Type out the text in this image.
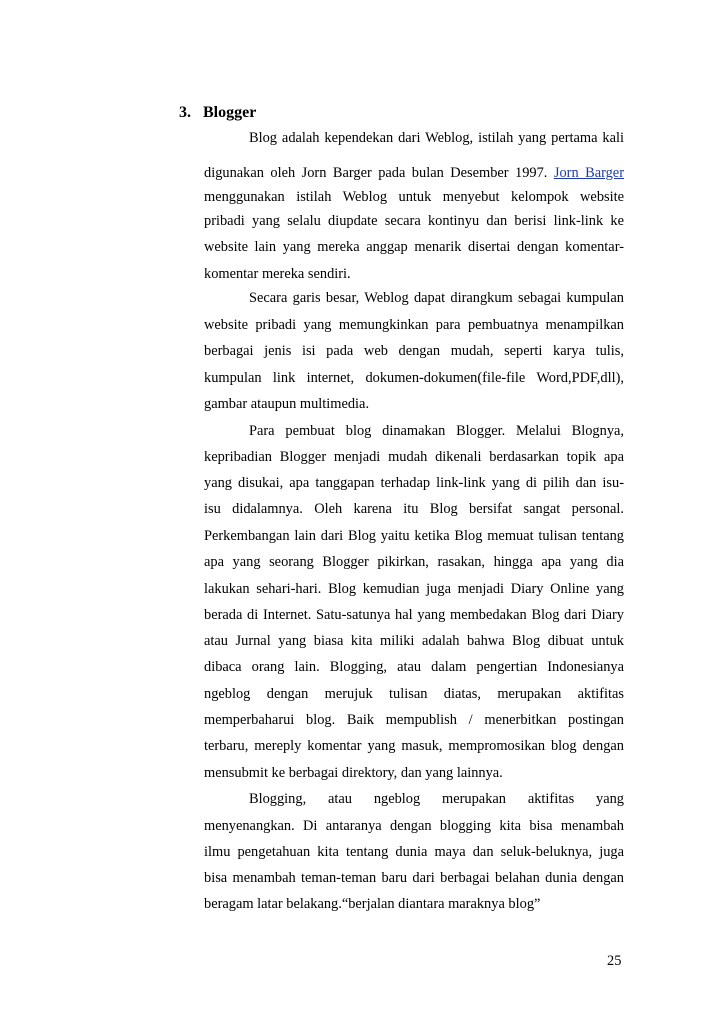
3. Blogger
Blog adalah kependekan dari Weblog, istilah yang pertama kali
digunakan oleh Jorn Barger pada bulan Desember 1997. Jorn Barger
menggunakan istilah Weblog untuk menyebut kelompok website
pribadi yang selalu diupdate secara kontinyu dan berisi link-link ke
website lain yang mereka anggap menarik disertai dengan komentar-
komentar mereka sendiri.
Secara garis besar, Weblog dapat dirangkum sebagai kumpulan
website pribadi yang memungkinkan para pembuatnya menampilkan
berbagai jenis isi pada web dengan mudah, seperti karya tulis,
kumpulan link internet, dokumen-dokumen(file-file Word,PDF,dll),
gambar ataupun multimedia.
Para pembuat blog dinamakan Blogger. Melalui Blognya,
kepribadian Blogger menjadi mudah dikenali berdasarkan topik apa
yang disukai, apa tanggapan terhadap link-link yang di pilih dan isu-
isu didalamnya. Oleh karena itu Blog bersifat sangat personal.
Perkembangan lain dari Blog yaitu ketika Blog memuat tulisan tentang
apa yang seorang Blogger pikirkan, rasakan, hingga apa yang dia
lakukan sehari-hari. Blog kemudian juga menjadi Diary Online yang
berada di Internet. Satu-satunya hal yang membedakan Blog dari Diary
atau Jurnal yang biasa kita miliki adalah bahwa Blog dibuat untuk
dibaca orang lain. Blogging, atau dalam pengertian Indonesianya
ngeblog dengan merujuk tulisan diatas, merupakan aktifitas
memperbaharui blog. Baik mempublish / menerbitkan postingan
terbaru, mereply komentar yang masuk, mempromosikan blog dengan
mensubmit ke berbagai direktory, dan yang lainnya.
Blogging, atau ngeblog merupakan aktifitas yang
menyenangkan. Di antaranya dengan blogging kita bisa menambah
ilmu pengetahuan kita tentang dunia maya dan seluk-beluknya, juga
bisa menambah teman-teman baru dari berbagai belahan dunia dengan
beragam latar belakang.“berjalan diantara maraknya blog”
25
